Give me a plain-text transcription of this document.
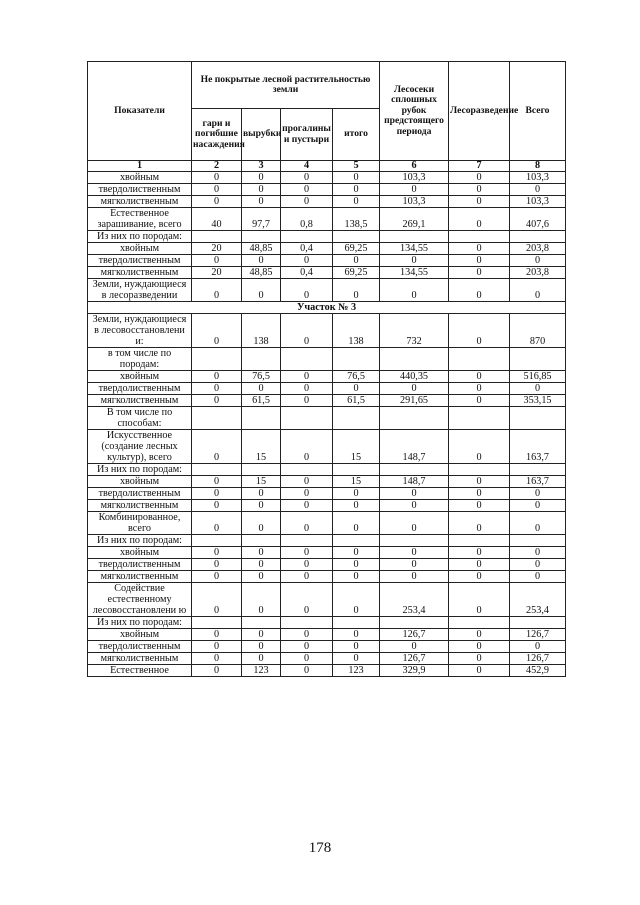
Показатели	Не покрытые лесной растительностью земли				Лесосеки сплошных рубок предстоящего периода	Лесоразведение	Всего
	гари и погибшие насаждения	вырубки	прогалины и пустыри	итого			
1	2	3	4	5	6	7	8
хвойным	0	0	0	0	103,3	0	103,3
твердолиственным	0	0	0	0	0	0	0
мягколиственным	0	0	0	0	103,3	0	103,3
Естественное зарашивание, всего	40	97,7	0,8	138,5	269,1	0	407,6
Из них по породам:							
хвойным	20	48,85	0,4	69,25	134,55	0	203,8
твердолиственным	0	0	0	0	0	0	0
мягколиственным	20	48,85	0,4	69,25	134,55	0	203,8
Земли, нуждающиеся в лесоразведении	0	0	0	0	0	0	0
Участок № 3							
Земли, нуждающиеся в лесовосстановлени и:	0	138	0	138	732	0	870
в том числе по породам:							
хвойным	0	76,5	0	76,5	440,35	0	516,85
твердолиственным	0	0	0	0	0	0	0
мягколиственным	0	61,5	0	61,5	291,65	0	353,15
В том числе по способам:							
Искусственное (создание лесных культур), всего	0	15	0	15	148,7	0	163,7
Из них по породам:							
хвойным	0	15	0	15	148,7	0	163,7
твердолиственным	0	0	0	0	0	0	0
мягколиственным	0	0	0	0	0	0	0
Комбинированное, всего	0	0	0	0	0	0	0
Из них по породам:							
хвойным	0	0	0	0	0	0	0
твердолиственным	0	0	0	0	0	0	0
мягколиственным	0	0	0	0	0	0	0
Содействие естественному лесовосстановлени ю	0	0	0	0	253,4	0	253,4
Из них по породам:							
хвойным	0	0	0	0	126,7	0	126,7
твердолиственным	0	0	0	0	0	0	0
мягколиственным	0	0	0	0	126,7	0	126,7
Естественное	0	123	0	123	329,9	0	452,9
178
